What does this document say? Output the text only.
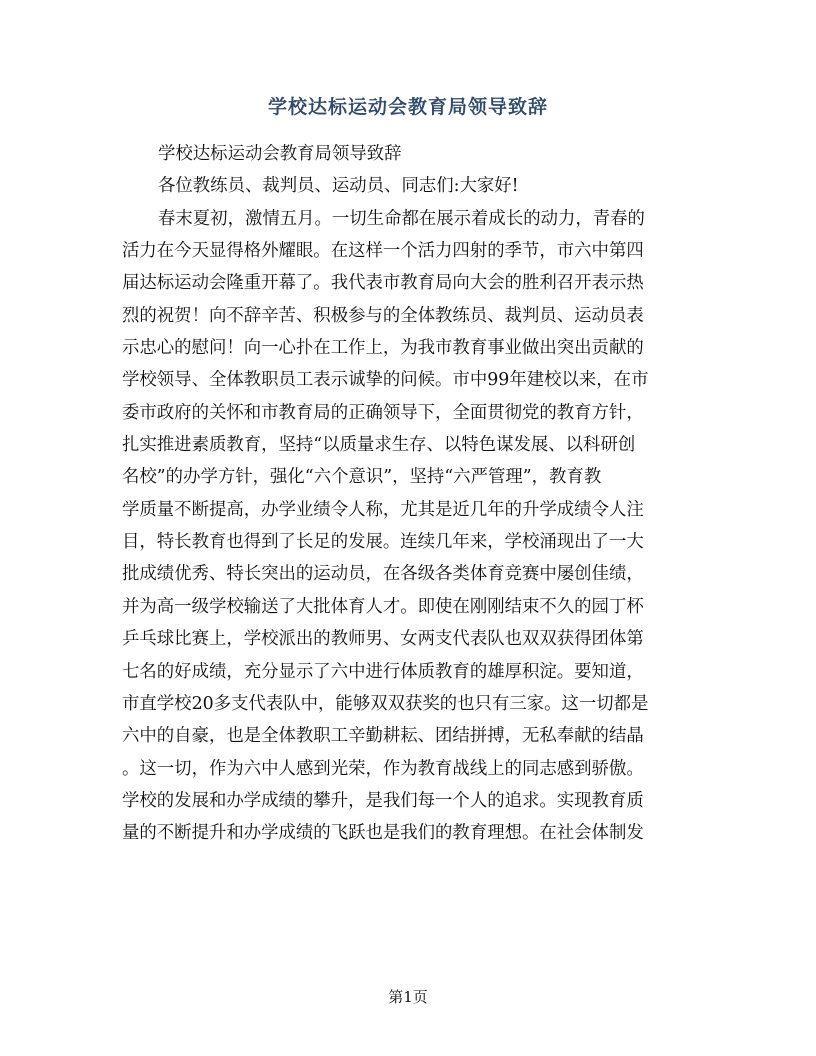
学校达标运动会教育局领导致辞

学校达标运动会教育局领导致辞

各位教练员、裁判员、运动员、同志们:大家好!

春末夏初，激情五月。一切生命都在展示着成长的动力，青春的

活力在今天显得格外耀眼。在这样一个活力四射的季节，市六中第四

届达标运动会隆重开幕了。我代表市教育局向大会的胜利召开表示热

烈的祝贺！向不辞辛苦、积极参与的全体教练员、裁判员、运动员表

示忠心的慰问！向一心扑在工作上，为我市教育事业做出突出贡献的

学校领导、全体教职员工表示诚挚的问候。市中99年建校以来，在市

委市政府的关怀和市教育局的正确领导下，全面贯彻党的教育方针，

扎实推进素质教育，坚持“以质量求生存、以特色谋发展、以科研创

名校”的办学方针，强化“六个意识”，坚持“六严管理”，教育教

学质量不断提高，办学业绩令人称，尤其是近几年的升学成绩令人注

目，特长教育也得到了长足的发展。连续几年来，学校涌现出了一大

批成绩优秀、特长突出的运动员，在各级各类体育竞赛中屡创佳绩，

并为高一级学校输送了大批体育人才。即使在刚刚结束不久的园丁杯

乒乓球比赛上，学校派出的教师男、女两支代表队也双双获得团体第

七名的好成绩，充分显示了六中进行体质教育的雄厚积淀。要知道，

市直学校20多支代表队中，能够双双获奖的也只有三家。这一切都是

六中的自豪，也是全体教职工辛勤耕耘、团结拼搏，无私奉献的结晶

。这一切，作为六中人感到光荣，作为教育战线上的同志感到骄傲。

学校的发展和办学成绩的攀升，是我们每一个人的追求。实现教育质

量的不断提升和办学成绩的飞跃也是我们的教育理想。在社会体制发

第1页
